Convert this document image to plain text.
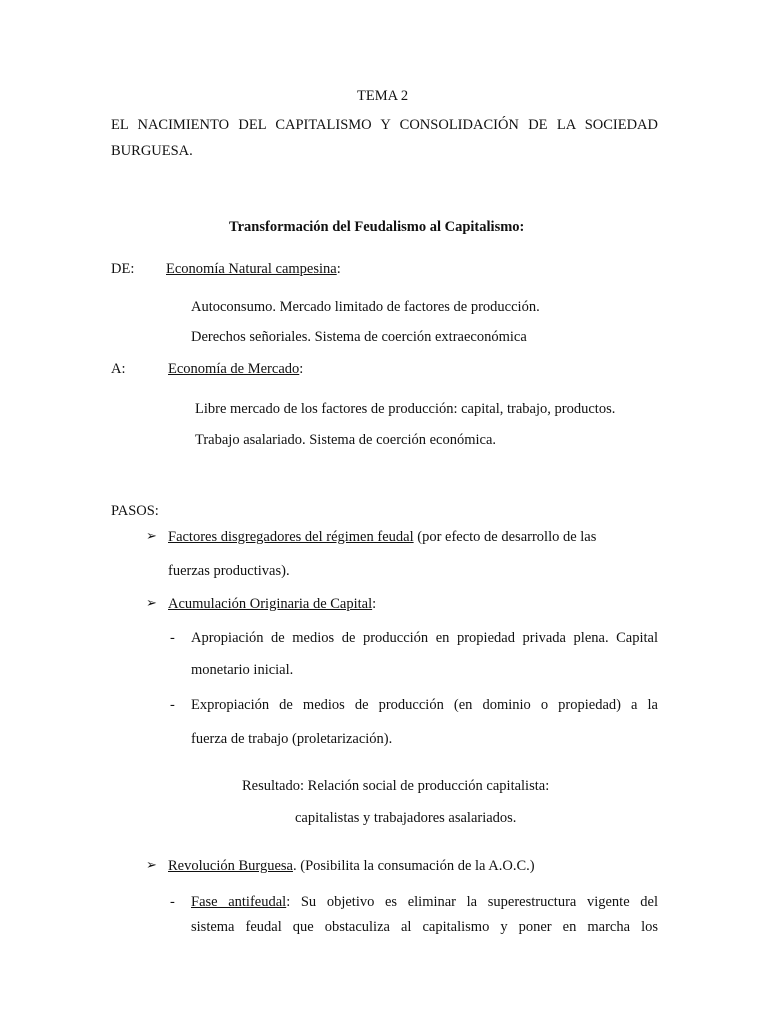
TEMA 2
EL NACIMIENTO DEL CAPITALISMO Y CONSOLIDACIÓN DE LA SOCIEDAD
BURGUESA.
Transformación del Feudalismo al Capitalismo:
DE: Economía Natural campesina:
Autoconsumo. Mercado limitado de factores de producción.
Derechos señoriales. Sistema de coerción extraeconómica
A:	Economía de Mercado:
Libre mercado de los factores de producción: capital, trabajo, productos.
Trabajo asalariado. Sistema de coerción económica.
PASOS:
➢ Factores disgregadores del régimen feudal (por efecto de desarrollo de las
fuerzas productivas).
➢ Acumulación Originaria de Capital:
- Apropiación de medios de producción en propiedad privada plena. Capital
monetario inicial.
- Expropiación de medios de producción (en dominio o propiedad) a la
fuerza de trabajo (proletarización).
Resultado: Relación social de producción capitalista:
capitalistas y trabajadores asalariados.
➢ Revolución Burguesa. (Posibilita la consumación de la A.O.C.)
- Fase antifeudal: Su objetivo es eliminar la superestructura vigente del
sistema feudal que obstaculiza al capitalismo y poner en marcha los
